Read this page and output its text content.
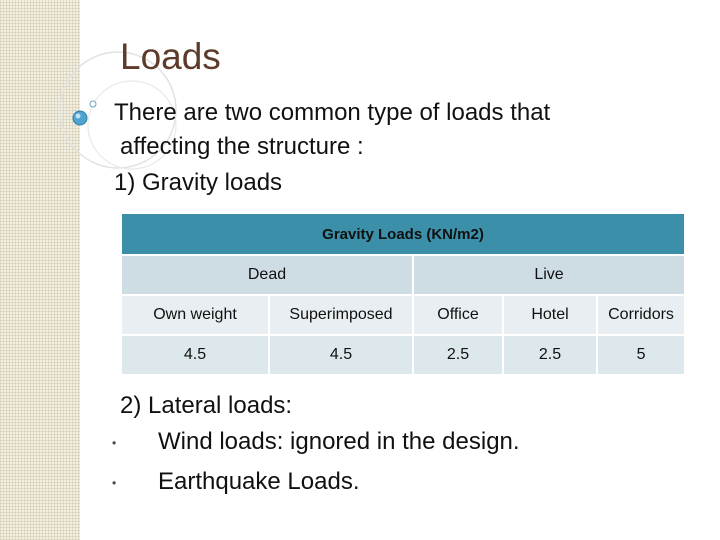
Loads
There are two common type of loads that
affecting the structure :
1) Gravity loads
Gravity Loads (KN/m2)				
Dead		Live		
Own weight	Superimposed	Office	Hotel	Corridors
4.5	4.5	2.5	2.5	5
2) Lateral loads:
• Wind loads: ignored in the design.
• Earthquake Loads.
